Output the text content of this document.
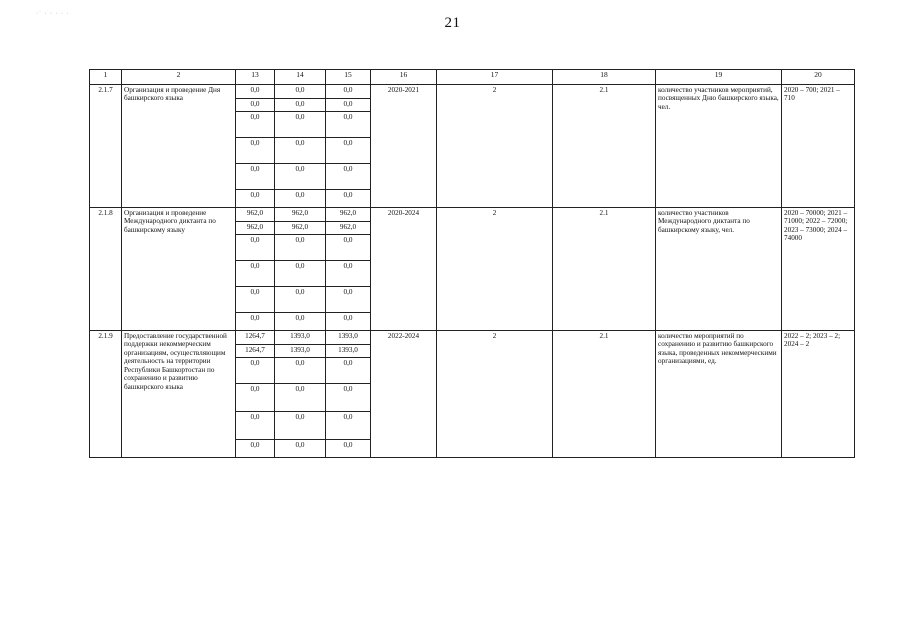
·˙ · · · · ·
21
1	2	13	14	15	16	17	18	19	20
2.1.7	Организация и проведение Дня башкирского языка	0,0	0,0	0,0	2020-2021	2	2.1	количество участников мероприятий, посвященных Дню башкирского языка, чел.	2020 – 700; 2021 – 710
		0,0	0,0	0,0					
		0,0	0,0	0,0					
		0,0	0,0	0,0					
		0,0	0,0	0,0					
		0,0	0,0	0,0					
2.1.8	Организация и проведение Международного диктанта по башкирскому языку	962,0	962,0	962,0	2020-2024	2	2.1	количество участников Международного диктанта по башкирскому языку, чел.	2020 – 70000; 2021 – 71000; 2022 – 72000; 2023 – 73000; 2024 – 74000
		962,0	962,0	962,0					
		0,0	0,0	0,0					
		0,0	0,0	0,0					
		0,0	0,0	0,0					
		0,0	0,0	0,0					
2.1.9	Предоставление государственной поддержки некоммерческим организациям, осуществляющим деятельность на территории Республики Башкортостан по сохранению и развитию башкирского языка	1264,7	1393,0	1393,0	2022-2024	2	2.1	количество мероприятий по сохранению и развитию башкирского языка, проведенных некоммерческими организациями, ед.	2022 – 2; 2023 – 2; 2024 – 2
		1264,7	1393,0	1393,0					
		0,0	0,0	0,0					
		0,0	0,0	0,0					
		0,0	0,0	0,0					
		0,0	0,0	0,0					
